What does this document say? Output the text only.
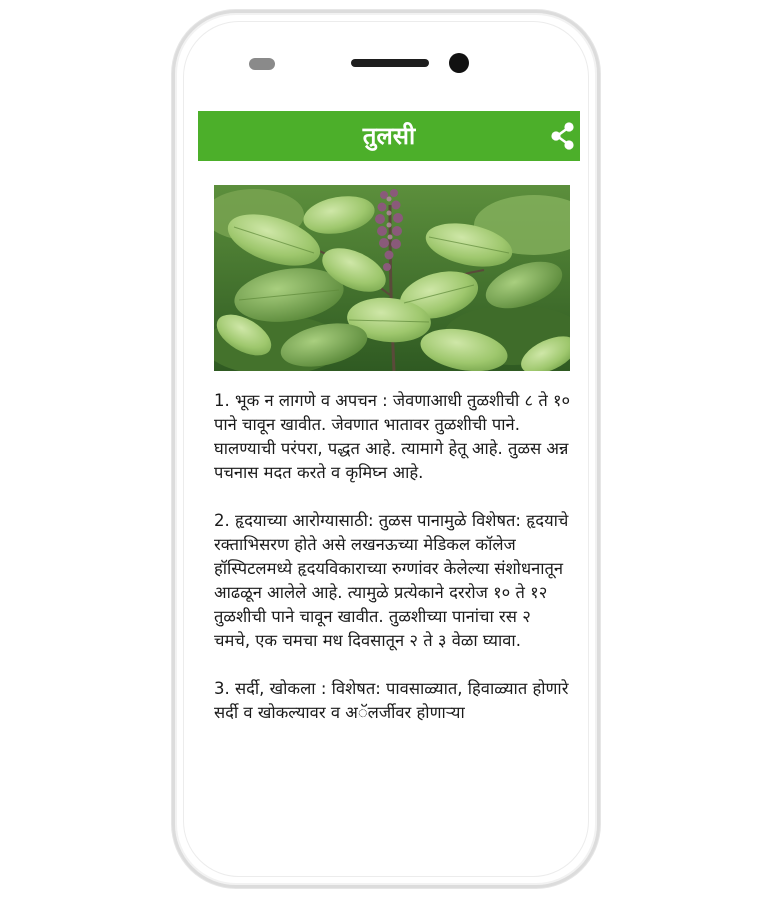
तुलसी

1. भूक न लागणे व अपचन : जेवणाआधी तुळशीची ८ ते १० पाने चावून खावीत. जेवणात भातावर तुळशीची पाने. घालण्याची परंपरा, पद्धत आहे. त्यामागे हेतू आहे. तुळस अन्न पचनास मदत करते व कृमिघ्न आहे.

2. हृदयाच्या आरोग्यासाठी: तुळस पानामुळे विशेषत: हृदयाचे रक्ताभिसरण होते असे लखनऊच्या मेडिकल कॉलेज हॉस्पिटलमध्ये हृदयविकाराच्या रुग्णांवर केलेल्या संशोधनातून आढळून आलेले आहे. त्यामुळे प्रत्येकाने दररोज १० ते १२ तुळशीची पाने चावून खावीत. तुळशीच्या पानांचा रस २ चमचे, एक चमचा मध दिवसातून २ ते ३ वेळा घ्यावा.

3. सर्दी, खोकला : विशेषत: पावसाळ्यात, हिवाळ्यात होणारे सर्दी व खोकल्यावर व अॅलर्जीवर होणाऱ्या
